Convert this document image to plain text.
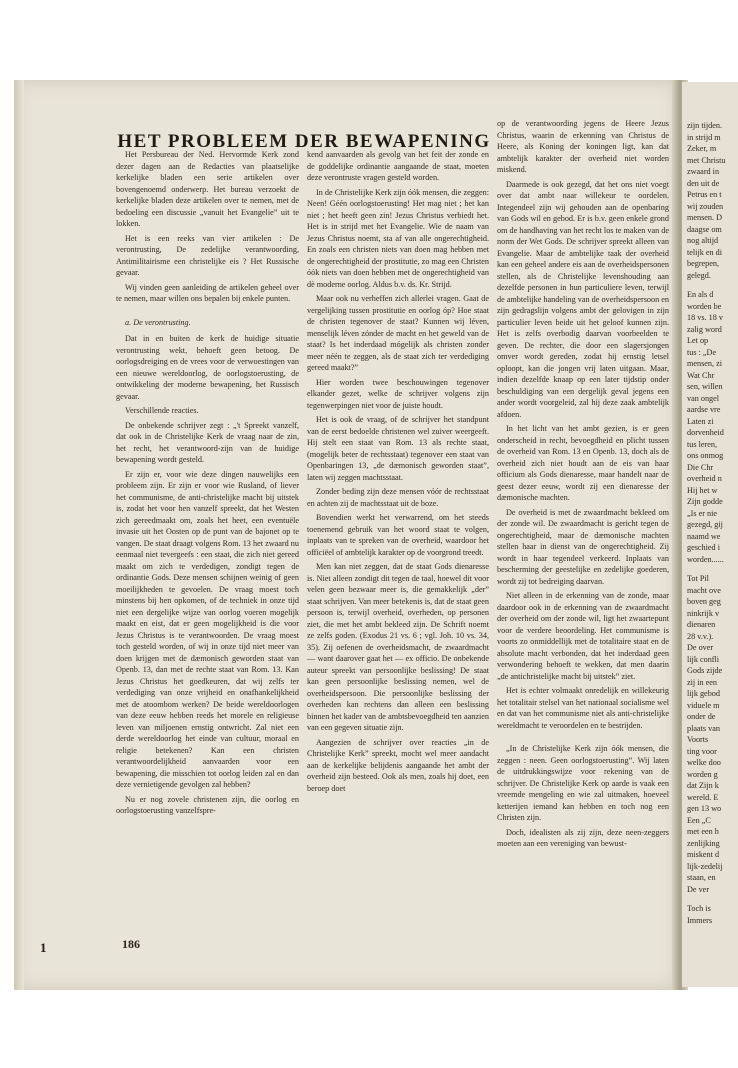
zijn tijden.
in strijd m
Zeker, m
met Christu
zwaard in
den uit de
Petrus en t
wij zouden
mensen. D
daagse om
nog altijd
telijk en di
begrepen,
gelegd.
En als d
worden be
18 vs. 18 v
zalig word
Let op
tus : „De
mensen, zi
Wat Chr
sen, willen
van ongel
aardse vre
Laten zi
dorvenheid
tus leren,
ons onmog
Die Chr
overheid n
Hij het w
Zijn godde
„Is er nie
gezegd, gij
naamd we
geschied i
worden......
Tot Pil
macht ove
boven geg
ninkrijk v
dienaren
28 v.v.).
De over
lijk confli
Gods zijde
zij in een
lijk gebod
viduele m
onder de
plaats van
Voorts
ting voor
welke doo
worden g
dat Zijn k
wereld. E
gen 13 wo
Een „C
met een h
zenlijking
miskent d
lijk-zedelij
staan, en
De ver
Toch is
Immers
HET PROBLEEM DER BEWAPENING

Het Persbureau der Ned. Hervormde Kerk zond dezer dagen aan de Redacties van plaatselijke kerkelijke bladen een serie artikelen over bovengenoemd onderwerp. Het bureau verzoekt de kerkelijke bladen deze artikelen over te nemen, met de bedoeling een discussie „vanuit het Evangelie” uit te lokken.

Het is een reeks van vier artikelen : De verontrusting, De zedelijke verantwoording, Antimilitairisme een christelijke eis ? Het Russische gevaar.

Wij vinden geen aanleiding de artikelen geheel over te nemen, maar willen ons bepalen bij enkele punten.

a. De verontrusting.

Dat in en buiten de kerk de huidige situatie verontrusting wekt, behoeft geen betoog. De oorlogsdreiging en de vrees voor de verwoestingen van een nieuwe wereldoorlog, de oorlogstoerusting, de ontwikkeling der moderne bewapening, het Russisch gevaar.

Verschillende reacties.

De onbekende schrijver zegt : „'t Spreekt vanzelf, dat ook in de Christelijke Kerk de vraag naar de zin, het recht, het verantwoord-zijn van de huidige bewapening wordt gesteld.

Er zijn er, voor wie deze dingen nauwelijks een probleem zijn. Er zijn er voor wie Rusland, of liever het communisme, de anti-christelijke macht bij uitstek is, zodat het voor hen vanzelf spreekt, dat het Westen zich gereedmaakt om, zoals het heet, een eventuële invasie uit het Oosten op de punt van de bajonet op te vangen. De staat draagt volgens Rom. 13 het zwaard nu eenmaal niet tevergeefs : een staat, die zich niet gereed maakt om zich te verdedigen, zondigt tegen de ordinantie Gods. Deze mensen schijnen weinig of geen moeilijkheden te gevoelen. De vraag moest toch minstens bij hen opkomen, of de techniek in onze tijd niet een dergelijke wijze van oorlog voeren mogelijk maakt en eist, dat er geen mogelijkheid is die voor Jezus Christus is te verantwoorden. De vraag moest toch gesteld worden, of wij in onze tijd niet meer van doen krijgen met de dæmonisch geworden staat van Openb. 13, dan met de rechte staat van Rom. 13. Kan Jezus Christus het goedkeuren, dat wij zelfs ter verdediging van onze vrijheid en onafhankelijkheid met de atoombom werken? De beide wereldoorlogen van deze eeuw hebben reeds het morele en religieuse leven van miljoenen ernstig ontwricht. Zal niet een derde wereldoorlog het einde van cultuur, moraal en religie betekenen? Kan een christen verantwoordelijkheid aanvaarden voor een bewapening, die misschien tot oorlog leiden zal en dan deze vernietigende gevolgen zal hebben?

Nu er nog zovele christenen zijn, die oorlog en oorlogstoerusting vanzelfspre-

kend aanvaarden als gevolg van het feit der zonde en de goddelijke ordinantie aangaande de staat, moeten deze verontruste vragen gesteld worden.

In de Christelijke Kerk zijn óók mensen, die zeggen: Neen! Géén oorlogstoerusting! Het mag niet ; het kan niet ; het heeft geen zin! Jezus Christus verbiedt het. Het is in strijd met het Evangelie. Wie de naam van Jezus Christus noemt, sta af van alle ongerechtigheid. En zoals een christen niets van doen mag hebben met de ongerechtigheid der prostitutie, zo mag een Christen óók niets van doen hebben met de ongerechtigheid van dè moderne oorlog. Aldus b.v. ds. Kr. Strijd.

Maar ook nu verheffen zich allerlei vragen. Gaat de vergelijking tussen prostitutie en oorlog óp? Hoe staat de christen tegenover de staat? Kunnen wij léven, menselijk léven zónder de macht en het geweld van de staat? Is het inderdaad mógelijk als christen zonder meer néén te zeggen, als de staat zich ter verdediging gereed maakt?”

Hier worden twee beschouwingen tegenover elkander gezet, welke de schrijver volgens zijn tegenwerpingen niet voor de juiste houdt.

Het is ook de vraag, of de schrijver het standpunt van de eerst bedoelde christenen wel zuiver weergeeft. Hij stelt een staat van Rom. 13 als rechte staat, (mogelijk beter de rechtsstaat) tegenover een staat van Openbaringen 13, „de dæmonisch geworden staat”, laten wij zeggen machtsstaat.

Zonder beding zijn deze mensen vóór de rechtsstaat en achten zij de machtsstaat uit de boze.

Bovendien werkt het verwarrend, om het steeds toenemend gebruik van het woord staat te volgen, inplaats van te spreken van de overheid, waardoor het officiëel of ambtelijk karakter op de voorgrond treedt.

Men kan niet zeggen, dat de staat Gods dienaresse is. Niet alleen zondigt dit tegen de taal, hoewel dit voor velen geen bezwaar meer is, die gemakkelijk „der” staat schrijven. Van meer betekenis is, dat de staat geen persoon is, terwijl overheid, overheden, op personen ziet, die met het ambt bekleed zijn. De Schrift noemt ze zelfs goden. (Exodus 21 vs. 6 ; vgl. Joh. 10 vs. 34, 35). Zij oefenen de overheidsmacht, de zwaardmacht — want daarover gaat het — ex officio. De onbekende auteur spreekt van persoonlijke beslissing! De staat kan geen persoonlijke beslissing nemen, wel de overheidspersoon. Die persoonlijke beslissing der overheden kan rechtens dan alleen een beslissing binnen het kader van de ambtsbevoegdheid ten aanzien van een gegeven situatie zijn.

Aangezien de schrijver over reacties „in de Christelijke Kerk” spreekt, mocht wel meer aandacht aan de kerkelijke belijdenis aangaande het ambt der overheid zijn besteed. Ook als men, zoals hij doet, een beroep doet

op de verantwoording jegens de Heere Jezus Christus, waarin de erkenning van Christus de Heere, als Koning der koningen ligt, kan dat ambtelijk karakter der overheid niet worden miskend.

Daarmede is ook gezegd, dat het ons niet voegt over dat ambt naar willekeur te oordelen. Integendeel zijn wij gehouden aan de openbaring van Gods wil en gebod. Er is b.v. geen enkele grond om de handhaving van het recht los te maken van de norm der Wet Gods. De schrijver spreekt alleen van Evangelie. Maar de ambtelijke taak der overheid kan een geheel andere eis aan de overheidspersonen stellen, als de Christelijke levenshouding aan dezelfde personen in hun particuliere leven, terwijl de ambtelijke handeling van de overheidspersoon en zijn gedragslijn volgens ambt der gelovigen in zijn particulier leven beide uit het geloof kunnen zijn. Het is zelfs overbodig daarvan voorbeelden te geven. De rechter, die door een slagersjongen omver wordt gereden, zodat hij ernstig letsel oploopt, kan die jongen vrij laten uitgaan. Maar, indien dezelfde knaap op een later tijdstip onder beschuldiging van een dergelijk geval jegens een ander wordt voorgeleid, zal hij deze zaak ambtelijk afdoen.

In het licht van het ambt gezien, is er geen onderscheid in recht, bevoegdheid en plicht tussen de overheid van Rom. 13 en Openb. 13, doch als de overheid zich niet houdt aan de eis van haar officium als Gods dienaresse, maar handelt naar de geest dezer eeuw, wordt zij een dienaresse der dæmonische machten.

De overheid is met de zwaardmacht bekleed om der zonde wil. De zwaardmacht is gericht tegen de ongerechtigheid, maar de dæmonische machten stellen haar in dienst van de ongerechtigheid. Zij wordt in haar tegendeel verkeerd. Inplaats van bescherming der geestelijke en zedelijke goederen, wordt zij tot bedreiging daarvan.

Niet alleen in de erkenning van de zonde, maar daardoor ook in de erkenning van de zwaardmacht der overheid om der zonde wil, ligt het zwaartepunt voor de verdere beoordeling. Het communisme is voorts zo onmiddellijk met de totalitaire staat en de absolute macht verbonden, dat het inderdaad geen verwondering behoeft te wekken, dat men daarin „de antichristelijke macht bij uitstek” ziet.

Het is echter volmaakt onredelijk en willekeurig het totalitair stelsel van het nationaal socialisme wel en dat van het communisme niet als anti-christelijke wereldmacht te veroordelen en te bestrijden.

„In de Christelijke Kerk zijn óók mensen, die zeggen : neen. Geen oorlogstoerusting”. Wij laten de uitdrukkingswijze voor rekening van de schrijver. De Christelijke Kerk op aarde is vaak een vreemde mengeling en wie zal uitmaken, hoeveel ketterijen iemand kan hebben en toch nog een Christen zijn.

Doch, idealisten als zij zijn, deze neen-zeggers moeten aan een vereniging van bewust-

186
1
